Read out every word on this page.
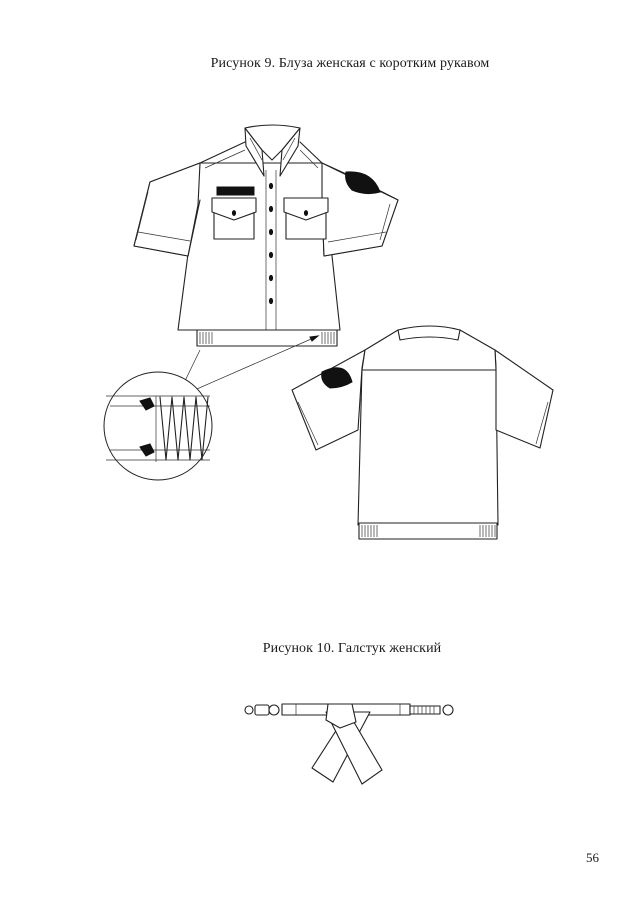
Рисунок 9. Блуза женская с коротким рукавом
Рисунок 10. Галстук женский
56
